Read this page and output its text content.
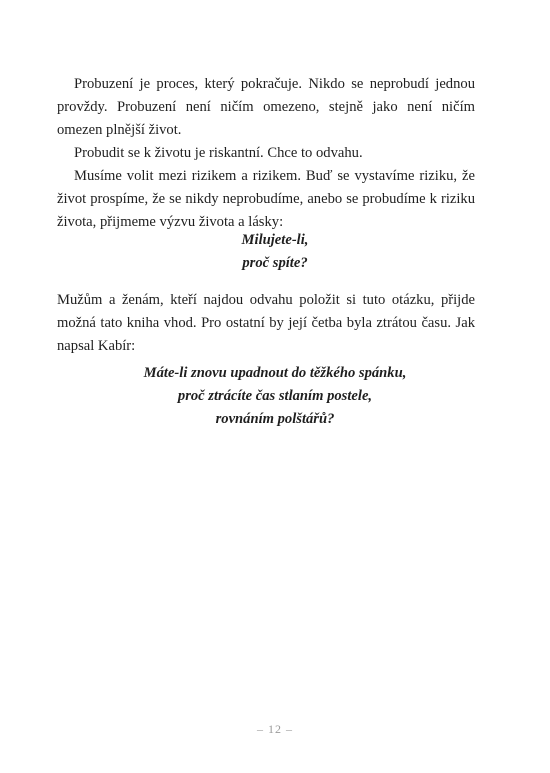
Probuzení je proces, který pokračuje. Nikdo se neprobudí jednou provždy. Probuzení není ničím omezeno, stejně jako není ničím omezen plnější život.

Probudit se k životu je riskantní. Chce to odvahu.

Musíme volit mezi rizikem a rizikem. Buď se vystavíme riziku, že život prospíme, že se nikdy neprobudíme, anebo se probudíme k riziku života, přijmeme výzvu života a lásky:

Milujete-li,
proč spíte?

Mužům a ženám, kteří najdou odvahu položit si tuto otázku, přijde možná tato kniha vhod. Pro ostatní by její četba byla ztrátou času. Jak napsal Kabír:

Máte-li znovu upadnout do těžkého spánku,
proč ztrácíte čas stlaním postele,
rovnáním polštářů?
– 12 –
